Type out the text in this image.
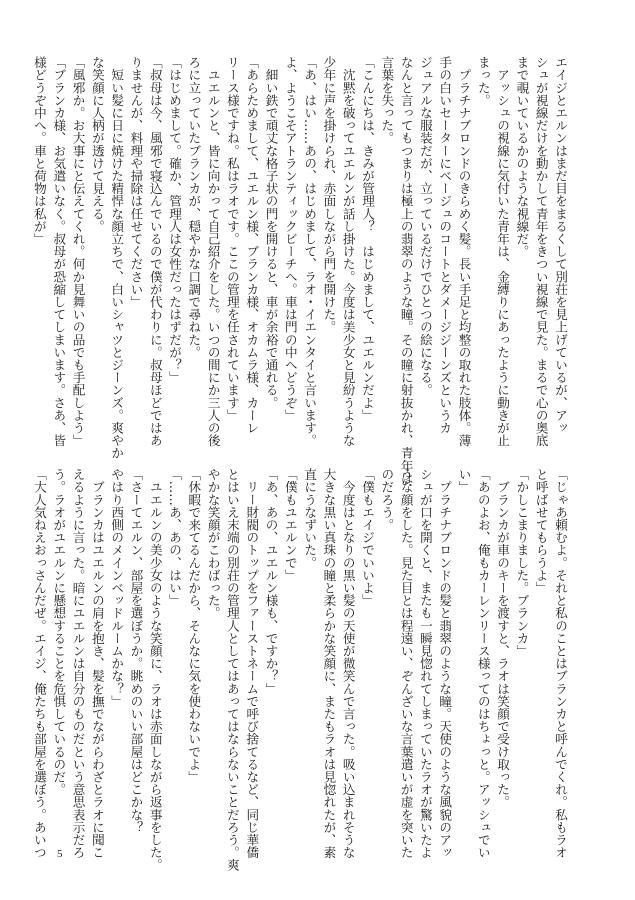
エイジとエルンはまだ目をまるくして別荘を見上げているが、アッ
シュが視線だけを動かして青年をきつい視線で見た。まるで心の奥底
まで覗いているかのような視線だ。
　アッシュの視線に気付いた青年は、金縛りにあったように動きが止
まった。
　プラチナブロンドのきらめく髪。長い手足と均整の取れた肢体。薄
手の白いセーターにベージュのコートとダメージジーンズというカ
ジュアルな服装だが、立っているだけでひとつの絵になる。
なんと言ってもつまりは極上の翡翠のような瞳。その瞳に射抜かれ、青年は
言葉を失った。
「こんにちは、きみが管理人？　はじめまして、ユエルンだよ」
　沈黙を破ってユエルンが話し掛けた。今度は美少女と見紛うような
少年に声を掛けられ、赤面しながら門を開けた。
「あ、はい……あの、はじめまして、ラオ・イエンタイと言います。
よ、ようこそアトランティックビーチへ。車は門の中へどうぞ」
　細い鉄で頑丈な格子状の門を開けると、車が余裕で通れる。
「あらためまして、ユエルン様、ブランカ様、オカムラ様、カーレ
リース様ですね。私はラオです。ここの管理を任されています」
　ユエルンと、皆に向かって自己紹介をした。いつの間にか三人の後
ろに立っていたブランカが、穏やかな口調で尋ねた。
「はじめまして。確か、管理人は女性だったはずだが？」
「叔母は今、風邪で寝込んでいるので僕が代わりに。叔母ほどではあ
りませんが、料理や掃除は任せてください」
　短い髪に日に焼けた精悍な顔立ちで、白いシャツとジーンズ。爽やか
な笑顔に人柄が透けて見える。
「風邪か。お大事にと伝えてくれ。何か見舞いの品でも手配しよう」
「ブランカ様、お気遣いなく。叔母が恐縮してしまいます。さあ、皆
様どうぞ中へ。車と荷物は私が」
「じゃあ頼むよ。それと私のことはブランカと呼んでくれ。私もラオ
と呼ばせてもらうよ」
「かしこまりました。ブランカ」
　ブランカが車のキーを渡すと、ラオは笑顔で受け取った。
「あのよお、俺もカーレンリース様ってのはちょっと。アッシュでい
い」
　プラチナブロンドの髪と翡翠のような瞳。天使のような風貌のアッ
シュが口を開くと、またも一瞬見惚れてしまっていたラオが驚いたよ
うな顔をした。見た目とは程遠い、ぞんざいな言葉遣いが虚を突いた
のだろう。
「僕もエイジでいいよ」
　今度はとなりの黒い髪の天使が微笑んで言った。吸い込まれそうな
大きな黒い真珠の瞳と柔らかな笑顔に、またもラオは見惚れたが、素
直にうなずいた。
「僕もユエルンで」
「あ、あの、ユエルン様も、ですか？」
　リー財閥のトップをファーストネームで呼び捨てるなど、同じ華僑
とはいえ末端の別荘の管理人としてはあってはならないことだろう。爽
やかな笑顔がこわばった。
「休暇で来てるんだから、そんなに気を使わないでよ」
「……あ、あの、はい」
　ユエルンの美少女のような笑顔に、ラオは赤面しながら返事をした。
「さーてエルン、部屋を選ぼうか。眺めのいい部屋はどこかな？
やはり西側のメインベッドルームかな？」
　ブランカはユエルンの肩を抱き、髪を撫でながらわざとラオに聞こ
えるように言った。暗にユエルンは自分のものだという意思表示だろ
う。ラオがユエルンに懸想することを危惧しているのだ。
「大人気ねえおっさんだぜ。エイジ、俺たちも部屋を選ぼう。あいつ 5
